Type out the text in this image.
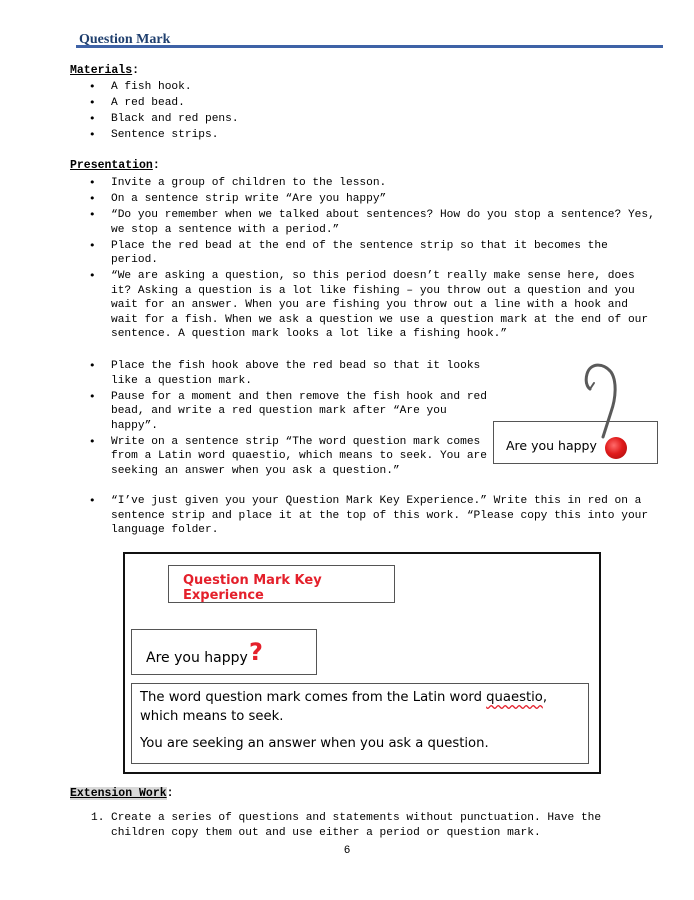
Question Mark
Materials:
• A fish hook.
• A red bead.
• Black and red pens.
• Sentence strips.
Presentation:
• Invite a group of children to the lesson.
• On a sentence strip write “Are you happy”
• “Do you remember when we talked about sentences? How do you stop a sentence? Yes, we stop a sentence with a period.”
• Place the red bead at the end of the sentence strip so that it becomes the period.
• “We are asking a question, so this period doesn’t really make sense here, does it? Asking a question is a lot like fishing – you throw out a question and you wait for an answer. When you are fishing you throw out a line with a hook and wait for a fish. When we ask a question we use a question mark at the end of our sentence. A question mark looks a lot like a fishing hook.”
• Place the fish hook above the red bead so that it looks like a question mark.
• Pause for a moment and then remove the fish hook and red bead, and write a red question mark after “Are you happy”.
• Write on a sentence strip “The word question mark comes from a Latin word quaestio, which means to seek. You are seeking an answer when you ask a question.”
• “I’ve just given you your Question Mark Key Experience.” Write this in red on a sentence strip and place it at the top of this work. “Please copy this into your language folder.
Are you happy
Question Mark Key Experience
Are you happy ?
The word question mark comes from the Latin word quaestio, which means to seek.
You are seeking an answer when you ask a question.
Extension Work:
1. Create a series of questions and statements without punctuation. Have the children copy them out and use either a period or question mark.
6
